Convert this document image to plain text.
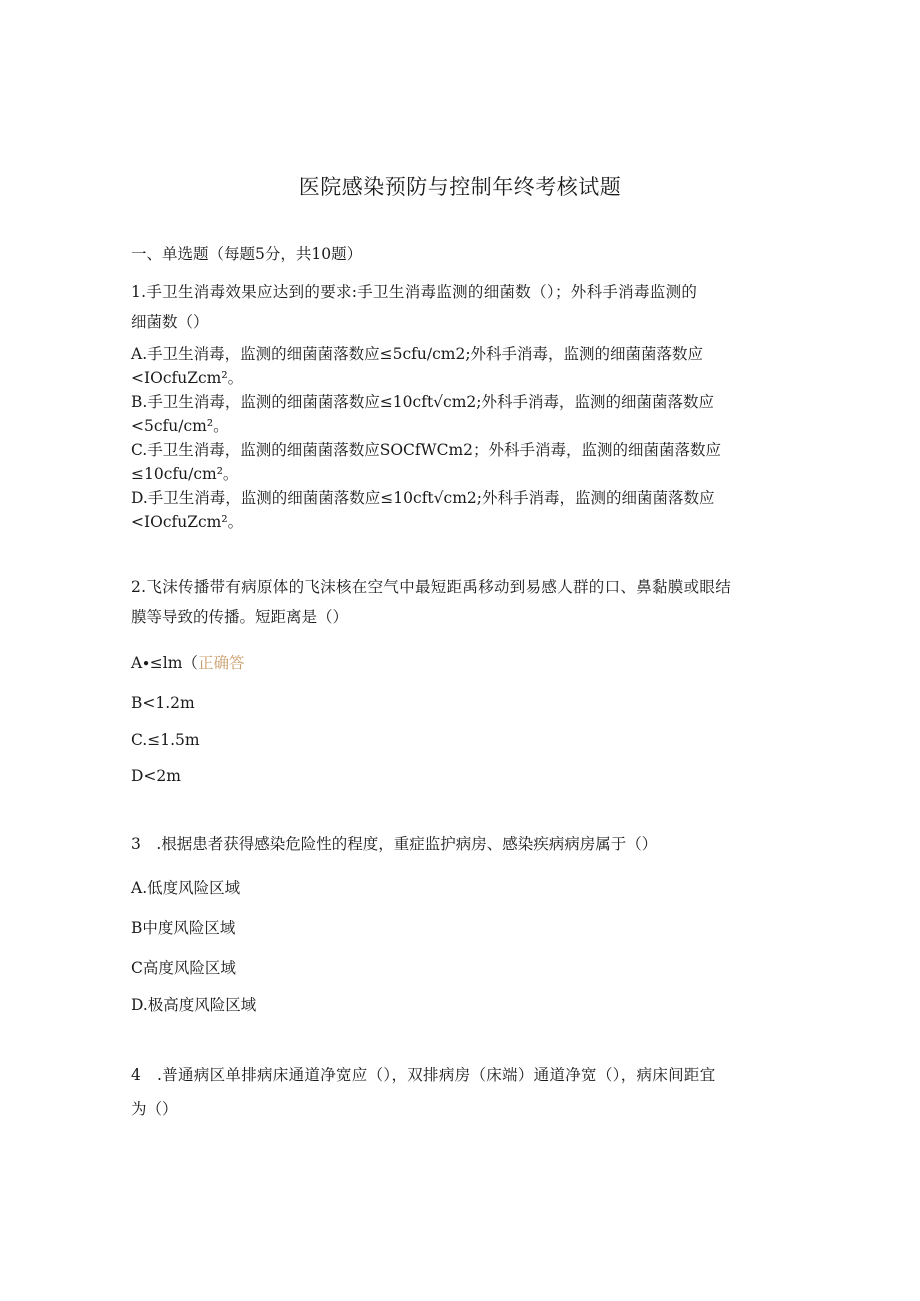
医院感染预防与控制年终考核试题
一、单选题（每题5分，共10题）
1.手卫生消毒效果应达到的要求:手卫生消毒监测的细菌数（）；外科手消毒监测的
细菌数（）
A.手卫生消毒，监测的细菌菌落数应≤5cfu∕cm2;外科手消毒，监测的细菌菌落数应
<IOcfuZcm²。
B.手卫生消毒，监测的细菌菌落数应≤10cft√cm2;外科手消毒，监测的细菌菌落数应
<5cfu∕cm²。
C.手卫生消毒，监测的细菌菌落数应SOCfWCm2；外科手消毒，监测的细菌菌落数应
≤10cfu∕cm²。
D.手卫生消毒，监测的细菌菌落数应≤10cft√cm2;外科手消毒，监测的细菌菌落数应
<IOcfuZcm²。
2.飞沫传播带有病原体的飞沫核在空气中最短距禹移动到易感人群的口、鼻黏膜或眼结
膜等导致的传播。短距离是（）
A∙≤lm（正确答
B<1.2m
C.≤1.5m
D<2m
3　.根据患者获得感染危险性的程度，重症监护病房、感染疾病病房属于（）
A.低度风险区域
B中度风险区域
C高度风险区域
D.极高度风险区域
4　.普通病区单排病床通道净宽应（），双排病房（床端）通道净宽（），病床间距宜
为（）
